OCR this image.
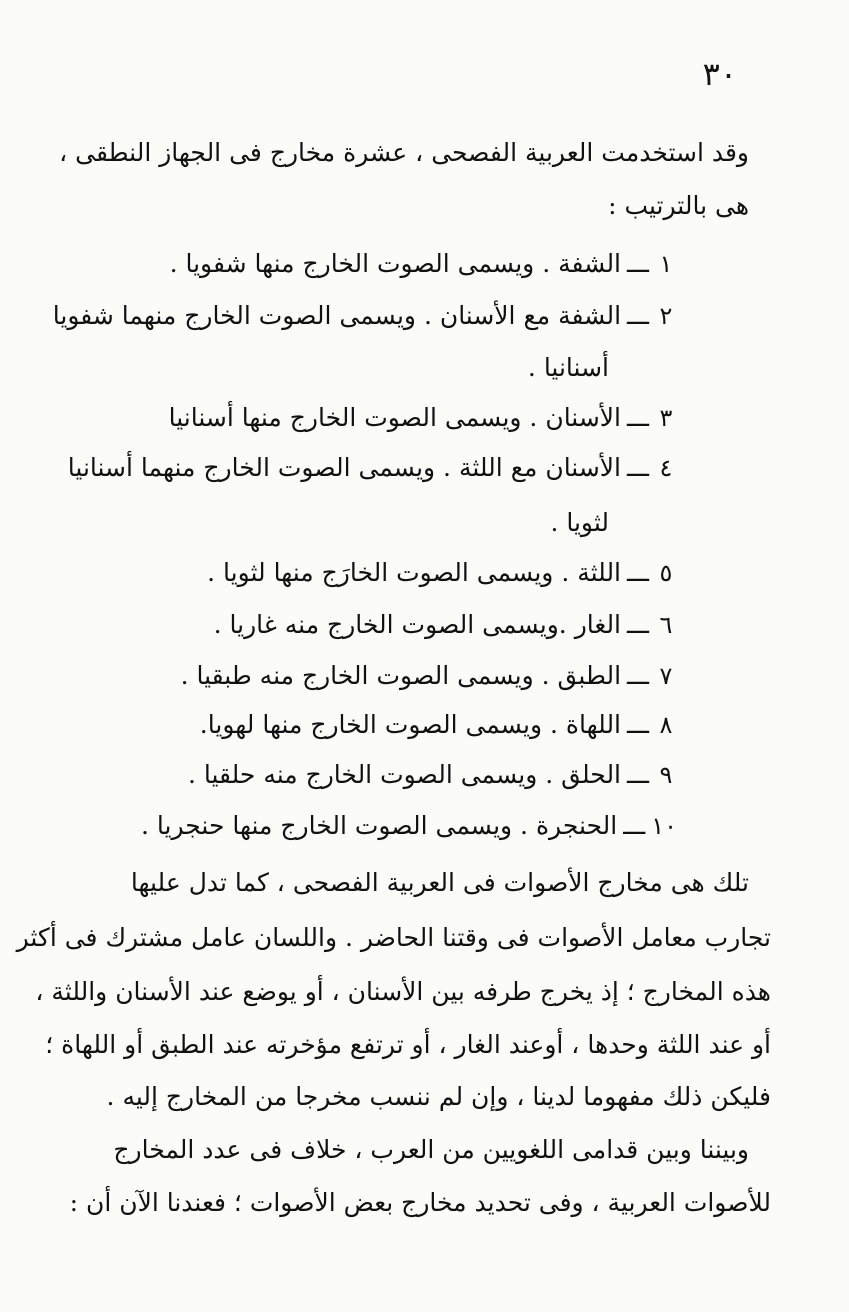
٣٠
وقد استخدمت العربية الفصحى ، عشرة مخارج فى الجهاز النطقى ،
هى بالترتيب :
١ـــالشفة . ويسمى الصوت الخارج منها شفويا .
٢ـــالشفة مع الأسنان . ويسمى الصوت الخارج منهما شفويا
أسنانيا .
٣ـــالأسنان . ويسمى الصوت الخارج منها أسنانيا
٤ـــالأسنان مع اللثة . ويسمى الصوت الخارج منهما أسنانيا
لثويا .
٥ـــاللثة . ويسمى الصوت الخارَج منها لثويا .
٦ـــالغار .ويسمى الصوت الخارج منه غاريا .
٧ـــالطبق . ويسمى الصوت الخارج منه طبقيا .
٨ـــاللهاة . ويسمى الصوت الخارج منها لهويا.
٩ـــالحلق . ويسمى الصوت الخارج منه حلقيا .
١٠ـــالحنجرة . ويسمى الصوت الخارج منها حنجريا .
تلك هى مخارج الأصوات فى العربية الفصحى ، كما تدل عليها
تجارب معامل الأصوات فى وقتنا الحاضر . واللسان عامل مشترك فى أكثر
هذه المخارج ؛ إذ يخرج طرفه بين الأسنان ، أو يوضع عند الأسنان واللثة ،
أو عند اللثة وحدها ، أوعند الغار ، أو ترتفع مؤخرته عند الطبق أو اللهاة ؛
فليكن ذلك مفهوما لدينا ، وإن لم ننسب مخرجا من المخارج إليه .
وبيننا وبين قدامى اللغويين من العرب ، خلاف فى عدد المخارج
للأصوات العربية ، وفى تحديد مخارج بعض الأصوات ؛ فعندنا الآن أن :
